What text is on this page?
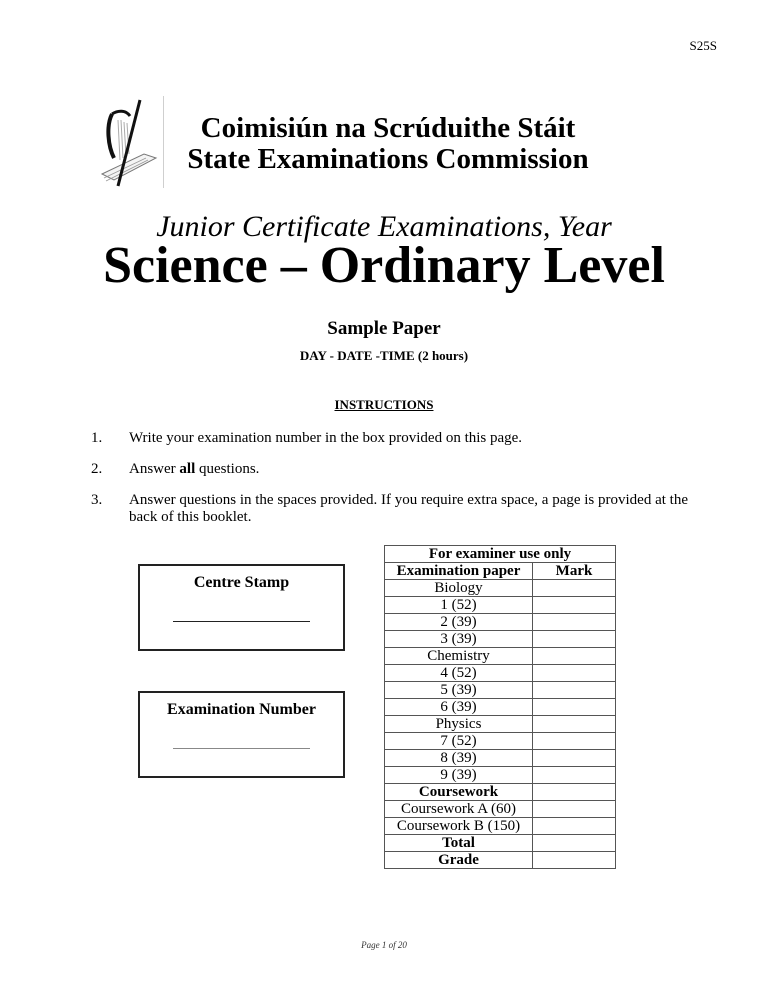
S25S
Coimisiún na Scrúduithe Stáit
State Examinations Commission
Junior Certificate Examinations, Year
Science – Ordinary Level
Sample Paper
DAY - DATE -TIME (2 hours)
INSTRUCTIONS
1.	Write your examination number in the box provided on this page.
2.	Answer all questions.
3.	Answer questions in the spaces provided. If you require extra space, a page is provided at the back of this booklet.
Centre Stamp
Examination Number
For examiner use only	
Examination paper	Mark
Biology	
1 (52)	
2 (39)	
3 (39)	
Chemistry	
4 (52)	
5 (39)	
6 (39)	
Physics	
7 (52)	
8 (39)	
9 (39)	
Coursework	
Coursework A (60)	
Coursework B (150)	
Total	
Grade	
Page 1 of 20
